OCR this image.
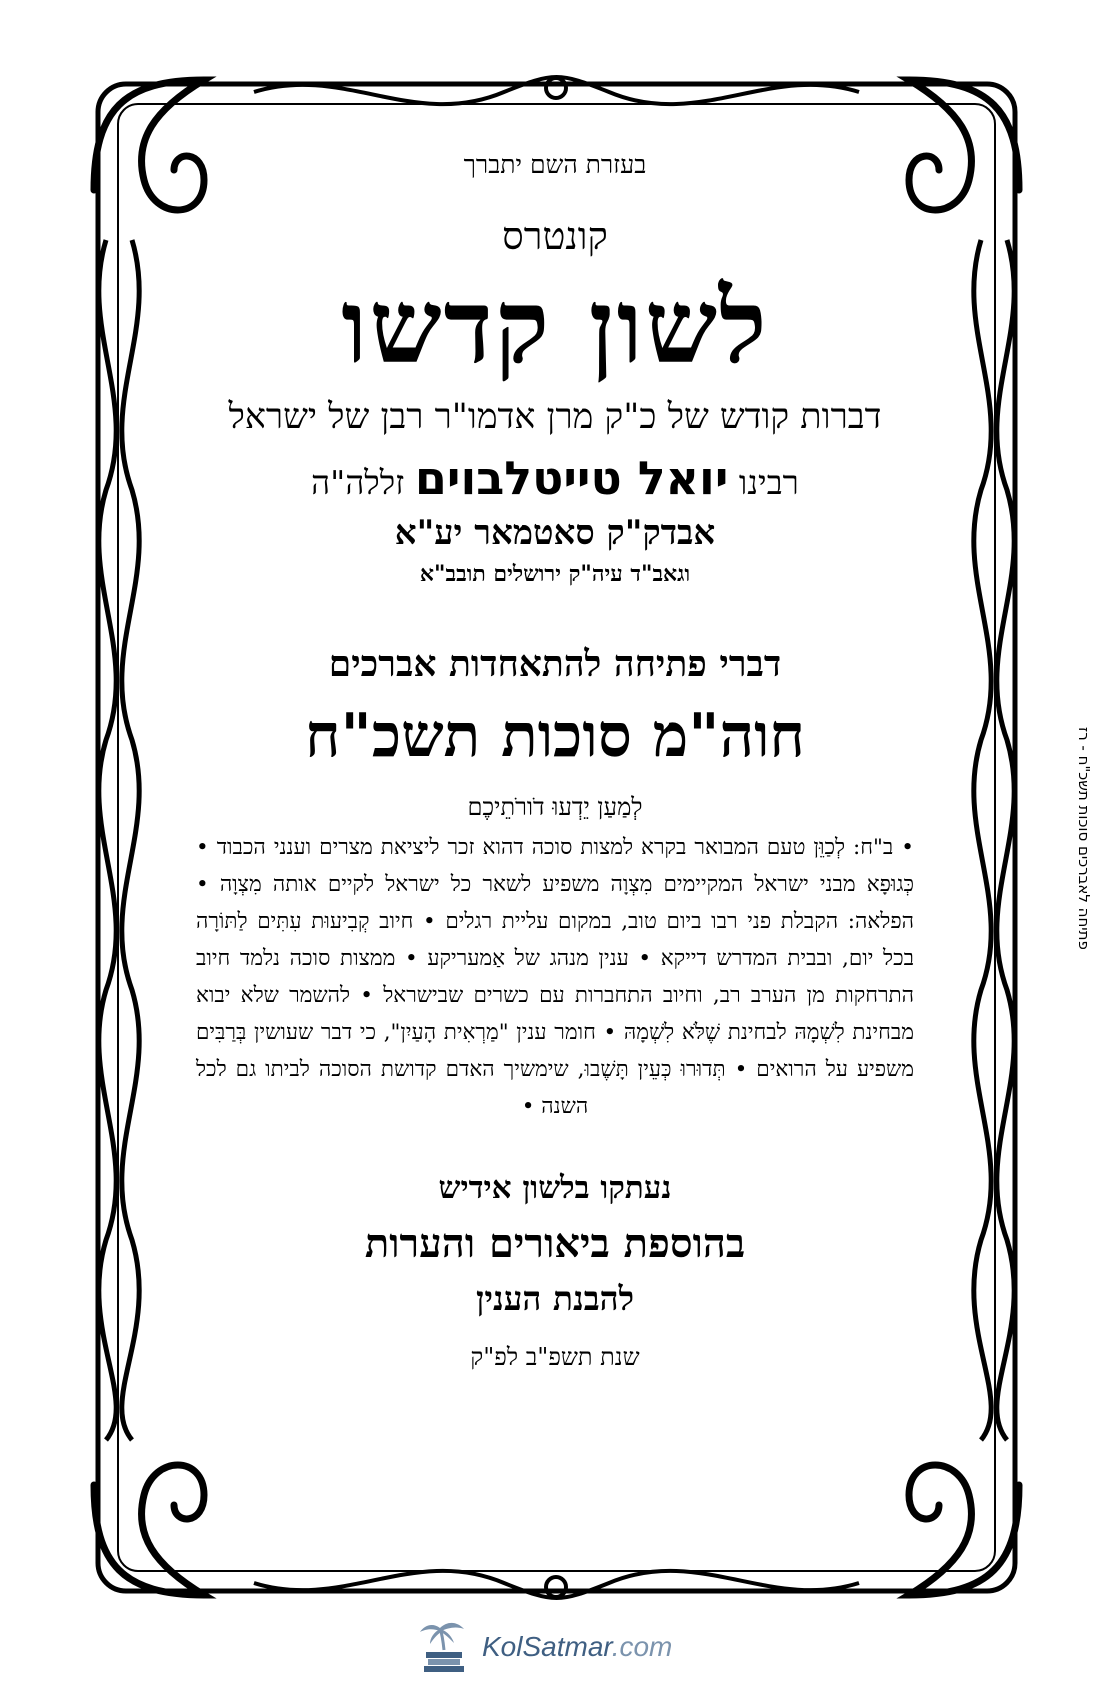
בעזרת השם יתברך
קונטרס
לשון קדשו
דברות קודש של כ"ק מרן אדמו"ר רבן של ישראל
רבינו יואל טייטלבוים זללה"ה
אבדק"ק סאטמאר יע"א
וגאב"ד עיה"ק ירושלים תובב"א
דברי פתיחה להתאחדות אברכים
חוה"מ סוכות תשכ"ח
לְמַעַן יֵדְעוּ דֹורֹתֵיכֶם
• ב"ח: לְכַוֵּן טעם המבואר בקרא למצות סוכה דהוא זכר ליציאת מצרים וענני הכבוד • כְּגוּפָא מבני ישראל המקיימים מִצְוָה משפיע לשאר כל ישראל לקיים אותה מִצְוָה • הפלאה: הקבלת פני רבו ביום טוב, במקום עליית רגלים • חיוב קְבִיעוּת עִתִּים לַתּוֹרָה בכל יום, ובבית המדרש דייקא • ענין מנהג של אַמעריקע • ממצות סוכה נלמד חיוב התרחקות מן הערב רב, וחיוב התחברות עם כשרים שבישראל • להשמר שלא יבוא מבחינת לִשְׁמָהּ לבחינת שֶׁלֹּא לִשְׁמָהּ • חומר ענין "מַרְאִית הָעַיִן", כי דבר שעושין בְּרַבִּים משפיע על הרואים • תְּדוּרוּ כְּעֵין תָּשֶׁבוּ, שימשיך האדם קדושת הסוכה לביתו גם לכל השנה •
נעתקו בלשון אידיש
בהוספת ביאורים והערות
להבנת הענין
שנת תשפ"ב לפ"ק
פתיחה לאברכים סוכות תשכ"ח - רז
KolSatmar.com
